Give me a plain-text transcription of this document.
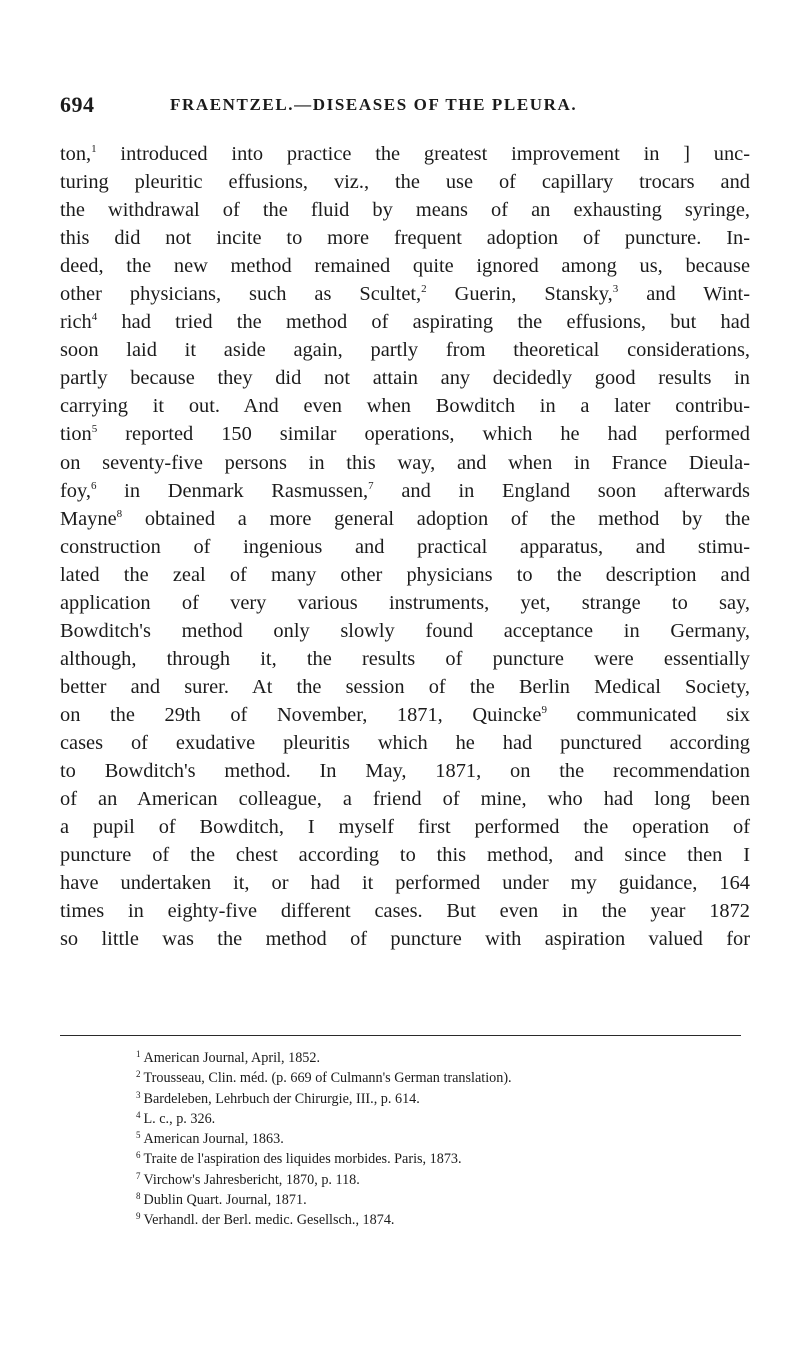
694	FRAENTZEL.—DISEASES OF THE PLEURA.
ton,$^1$ introduced into practice the greatest improvement in ] unc-
turing pleuritic effusions, viz., the use of capillary trocars and
the withdrawal of the fluid by means of an exhausting syringe,
this did not incite to more frequent adoption of puncture. In-
deed, the new method remained quite ignored among us, because
other physicians, such as Scultet,$^2$ Guerin, Stansky,$^3$ and Wint-
rich$^4$ had tried the method of aspirating the effusions, but had
soon laid it aside again, partly from theoretical considerations,
partly because they did not attain any decidedly good results in
carrying it out. And even when Bowditch in a later contribu-
tion$^5$ reported 150 similar operations, which he had performed
on seventy-five persons in this way, and when in France Dieula-
foy,$^6$ in Denmark Rasmussen,$^7$ and in England soon afterwards
Mayne$^8$ obtained a more general adoption of the method by the
construction of ingenious and practical apparatus, and stimu-
lated the zeal of many other physicians to the description and
application of very various instruments, yet, strange to say,
Bowditch's method only slowly found acceptance in Germany,
although, through it, the results of puncture were essentially
better and surer. At the session of the Berlin Medical Society,
on the 29th of November, 1871, Quincke$^9$ communicated six
cases of exudative pleuritis which he had punctured according
to Bowditch's method. In May, 1871, on the recommendation
of an American colleague, a friend of mine, who had long been
a pupil of Bowditch, I myself first performed the operation of
puncture of the chest according to this method, and since then I
have undertaken it, or had it performed under my guidance, 164
times in eighty-five different cases. But even in the year 1872
so little was the method of puncture with aspiration valued for
$^1$ American Journal, April, 1852.
$^2$ Trousseau, Clin. méd. (p. 669 of Culmann's German translation).
$^3$ Bardeleben, Lehrbuch der Chirurgie, III., p. 614.
$^4$ L. c., p. 326.
$^5$ American Journal, 1863.
$^6$ Traite de l'aspiration des liquides morbides. Paris, 1873.
$^7$ Virchow's Jahresbericht, 1870, p. 118.
$^8$ Dublin Quart. Journal, 1871.
$^9$ Verhandl. der Berl. medic. Gesellsch., 1874.
